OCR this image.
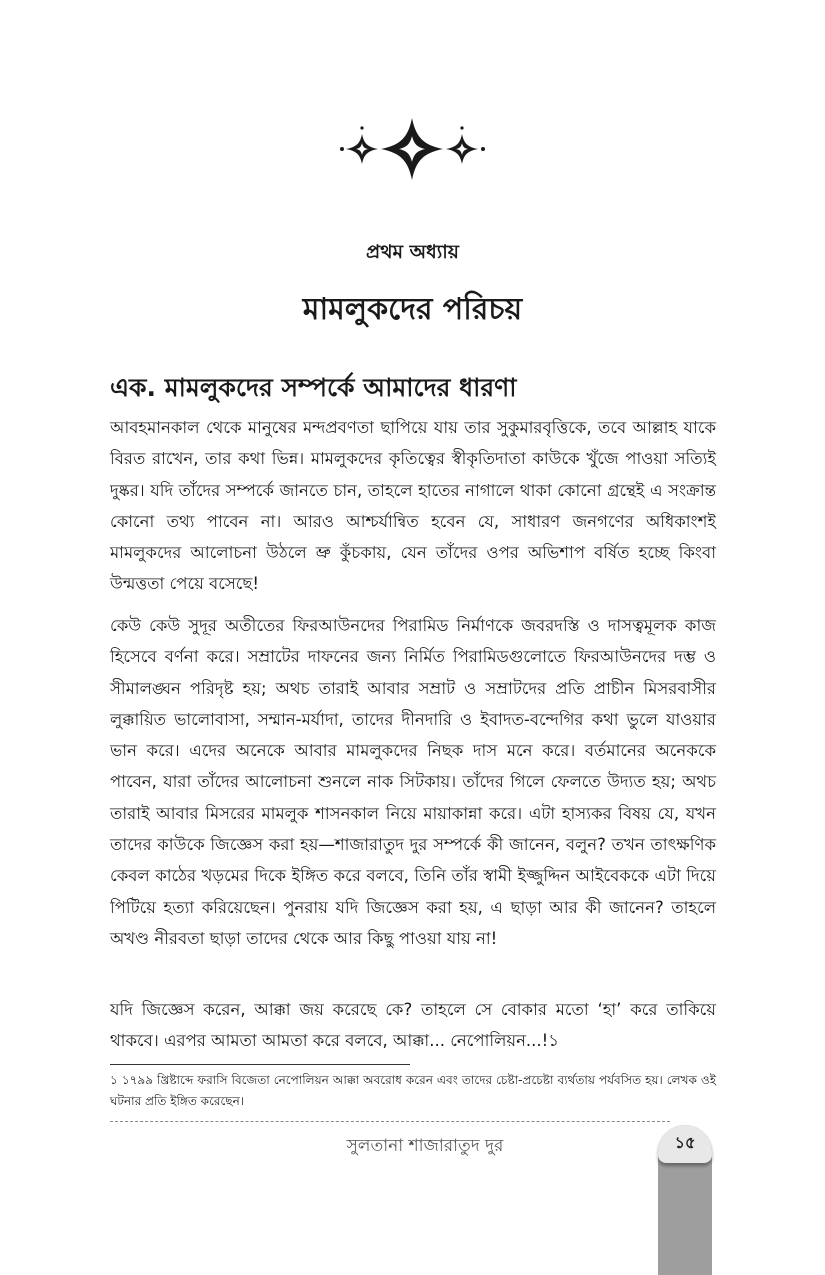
প্রথম অধ্যায়
মামলুকদের পরিচয়
এক. মামলুকদের সম্পর্কে আমাদের ধারণা

আবহমানকাল থেকে মানুষের মন্দপ্রবণতা ছাপিয়ে যায় তার সুকুমারবৃত্তিকে, তবে আল্লাহ যাকে বিরত রাখেন, তার কথা ভিন্ন। মামলুকদের কৃতিত্বের স্বীকৃতিদাতা কাউকে খুঁজে পাওয়া সত্যিই দুষ্কর। যদি তাঁদের সম্পর্কে জানতে চান, তাহলে হাতের নাগালে থাকা কোনো গ্রন্থেই এ সংক্রান্ত কোনো তথ্য পাবেন না। আরও আশ্চর্যান্বিত হবেন যে, সাধারণ জনগণের অধিকাংশই মামলুকদের আলোচনা উঠলে ভ্রু কুঁচকায়, যেন তাঁদের ওপর অভিশাপ বর্ষিত হচ্ছে কিংবা উন্মত্ততা পেয়ে বসেছে!

কেউ কেউ সুদূর অতীতের ফিরআউনদের পিরামিড নির্মাণকে জবরদস্তি ও দাসত্বমূলক কাজ হিসেবে বর্ণনা করে। সম্রাটের দাফনের জন্য নির্মিত পিরামিডগুলোতে ফিরআউনদের দম্ভ ও সীমালঙ্ঘন পরিদৃষ্ট হয়; অথচ তারাই আবার সম্রাট ও সম্রাটদের প্রতি প্রাচীন মিসরবাসীর লুক্কায়িত ভালোবাসা, সম্মান-মর্যাদা, তাদের দীনদারি ও ইবাদত-বন্দেগির কথা ভুলে যাওয়ার ভান করে। এদের অনেকে আবার মামলুকদের নিছক দাস মনে করে। বর্তমানের অনেককে পাবেন, যারা তাঁদের আলোচনা শুনলে নাক সিটকায়। তাঁদের গিলে ফেলতে উদ্যত হয়; অথচ তারাই আবার মিসরের মামলুক শাসনকাল নিয়ে মায়াকান্না করে। এটা হাস্যকর বিষয় যে, যখন তাদের কাউকে জিজ্ঞেস করা হয়—শাজারাতুদ দুর সম্পর্কে কী জানেন, বলুন? তখন তাৎক্ষণিক কেবল কাঠের খড়মের দিকে ইঙ্গিত করে বলবে, তিনি তাঁর স্বামী ইজ্জুদ্দিন আইবেককে এটা দিয়ে পিটিয়ে হত্যা করিয়েছেন। পুনরায় যদি জিজ্ঞেস করা হয়, এ ছাড়া আর কী জানেন? তাহলে অখণ্ড নীরবতা ছাড়া তাদের থেকে আর কিছু পাওয়া যায় না!

যদি জিজ্ঞেস করেন, আক্কা জয় করেছে কে? তাহলে সে বোকার মতো ‘হা’ করে তাকিয়ে থাকবে। এরপর আমতা আমতা করে বলবে, আক্কা... নেপোলিয়ন...!১

১ ১৭৯৯ খ্রিষ্টাব্দে ফরাসি বিজেতা নেপোলিয়ন আক্কা অবরোধ করেন এবং তাদের চেষ্টা-প্রচেষ্টা ব্যর্থতায় পর্যবসিত হয়। লেখক ওই ঘটনার প্রতি ইঙ্গিত করেছেন।

সুলতানা শাজারাতুদ দুর	১৫
